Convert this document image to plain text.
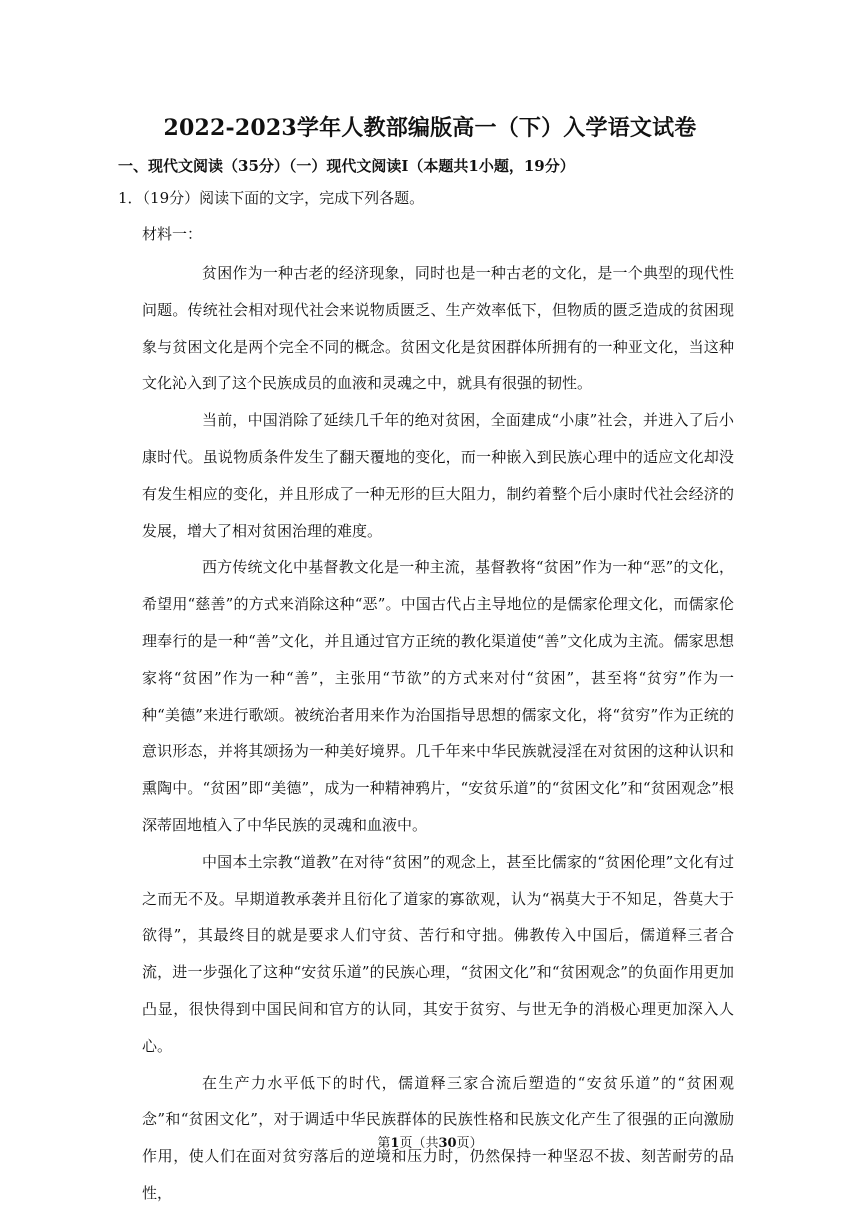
2022-2023学年人教部编版高一（下）入学语文试卷
一、现代文阅读（35分）（一）现代文阅读Ⅰ（本题共1小题，19分）
1．（19分）阅读下面的文字，完成下列各题。
材料一：

贫困作为一种古老的经济现象，同时也是一种古老的文化，是一个典型的现代性问题。传统社会相对现代社会来说物质匮乏、生产效率低下，但物质的匮乏造成的贫困现象与贫困文化是两个完全不同的概念。贫困文化是贫困群体所拥有的一种亚文化，当这种文化沁入到了这个民族成员的血液和灵魂之中，就具有很强的韧性。

当前，中国消除了延续几千年的绝对贫困，全面建成“小康”社会，并进入了后小康时代。虽说物质条件发生了翻天覆地的变化，而一种嵌入到民族心理中的适应文化却没有发生相应的变化，并且形成了一种无形的巨大阻力，制约着整个后小康时代社会经济的发展，增大了相对贫困治理的难度。

西方传统文化中基督教文化是一种主流，基督教将“贫困”作为一种“恶”的文化，希望用“慈善”的方式来消除这种“恶”。中国古代占主导地位的是儒家伦理文化，而儒家伦理奉行的是一种“善”文化，并且通过官方正统的教化渠道使“善”文化成为主流。儒家思想家将“贫困”作为一种“善”，主张用“节欲”的方式来对付“贫困”，甚至将“贫穷”作为一种“美德”来进行歌颂。被统治者用来作为治国指导思想的儒家文化，将“贫穷”作为正统的意识形态，并将其颂扬为一种美好境界。几千年来中华民族就浸淫在对贫困的这种认识和熏陶中。“贫困”即“美德”，成为一种精神鸦片，“安贫乐道”的“贫困文化”和“贫困观念”根深蒂固地植入了中华民族的灵魂和血液中。

中国本土宗教“道教”在对待“贫困”的观念上，甚至比儒家的“贫困伦理”文化有过之而无不及。早期道教承袭并且衍化了道家的寡欲观，认为“祸莫大于不知足，咎莫大于欲得”，其最终目的就是要求人们守贫、苦行和守拙。佛教传入中国后，儒道释三者合流，进一步强化了这种“安贫乐道”的民族心理，“贫困文化”和“贫困观念”的负面作用更加凸显，很快得到中国民间和官方的认同，其安于贫穷、与世无争的消极心理更加深入人心。

在生产力水平低下的时代，儒道释三家合流后塑造的“安贫乐道”的“贫困观念”和“贫困文化”，对于调适中华民族群体的民族性格和民族文化产生了很强的正向激励作用，使人们在面对贫穷落后的逆境和压力时，仍然保持一种坚忍不拔、刻苦耐劳的品性，

第1页（共30页）
